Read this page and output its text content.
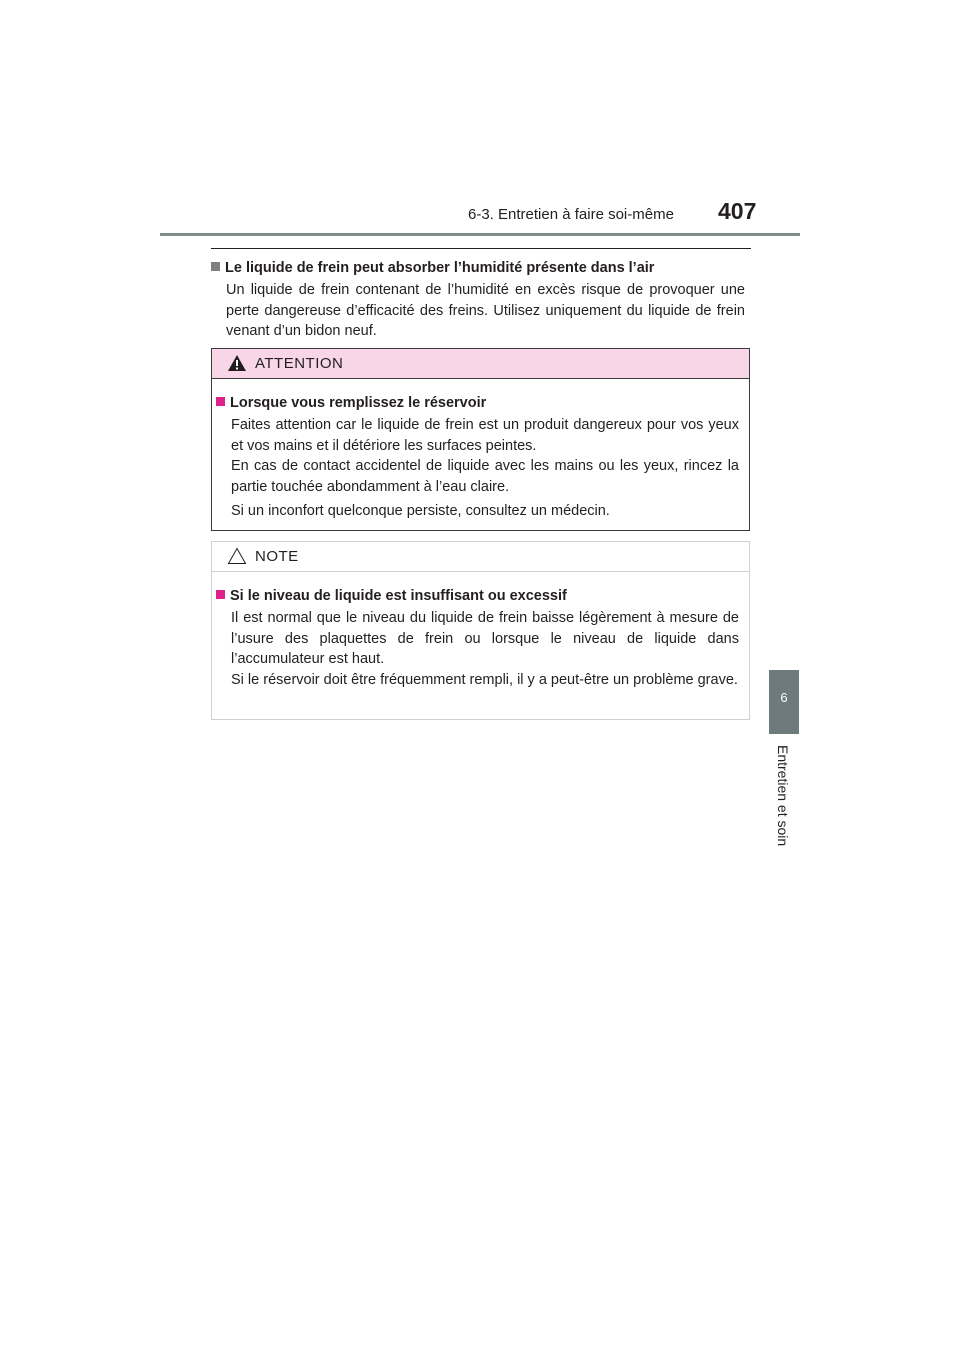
6-3. Entretien à faire soi-même 407
6
Entretien et soin
Le liquide de frein peut absorber l’humidité présente dans l’air

Un liquide de frein contenant de l’humidité en excès risque de provoquer une perte dangereuse d’efficacité des freins. Utilisez uniquement du liquide de frein venant d’un bidon neuf.

ATTENTION
Lorsque vous remplissez le réservoir

Faites attention car le liquide de frein est un produit dangereux pour vos yeux et vos mains et il détériore les surfaces peintes.

En cas de contact accidentel de liquide avec les mains ou les yeux, rincez la partie touchée abondamment à l’eau claire.

Si un inconfort quelconque persiste, consultez un médecin.

NOTE
Si le niveau de liquide est insuffisant ou excessif

Il est normal que le niveau du liquide de frein baisse légèrement à mesure de l’usure des plaquettes de frein ou lorsque le niveau de liquide dans l’accumulateur est haut.

Si le réservoir doit être fréquemment rempli, il y a peut-être un problème grave.
